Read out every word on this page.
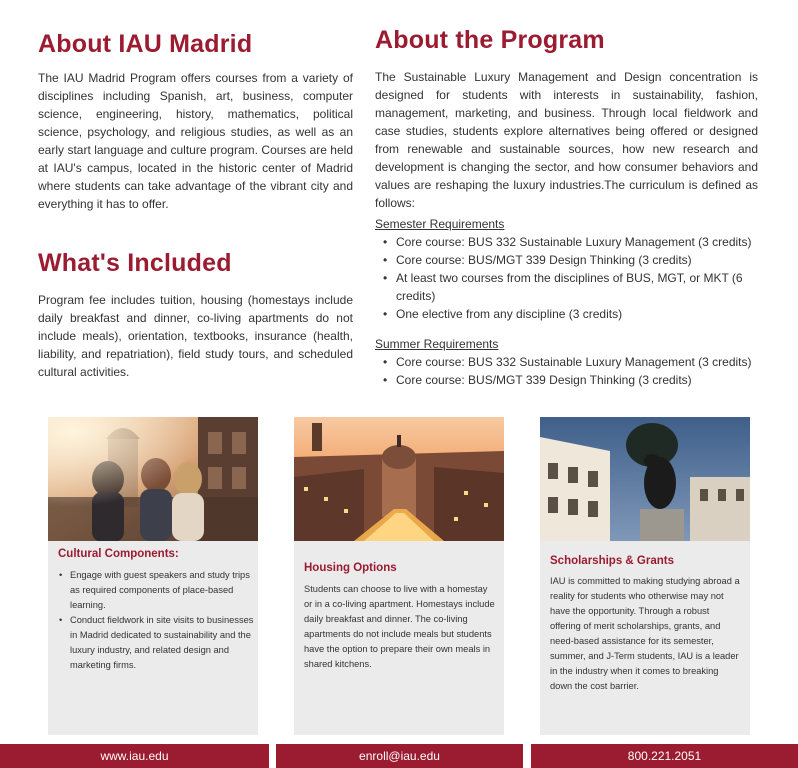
About IAU Madrid

The IAU Madrid Program offers courses from a variety of disciplines including Spanish, art, business, computer science, engineering, history, mathematics, political science, psychology, and religious studies, as well as an early start language and culture program. Courses are held at IAU's campus, located in the historic center of Madrid where students can take advantage of the vibrant city and everything it has to offer.

What's Included

Program fee includes tuition, housing (homestays include daily breakfast and dinner, co-living apartments do not include meals), orientation, textbooks, insurance (health, liability, and repatriation), field study tours, and scheduled cultural activities.

About the Program

The Sustainable Luxury Management and Design concentration is designed for students with interests in sustainability, fashion, management, marketing, and business. Through local fieldwork and case studies, students explore alternatives being offered or designed from renewable and sustainable sources, how new research and development is changing the sector, and how consumer behaviors and values are reshaping the luxury industries.The curriculum is defined as follows:

Semester Requirements
• Core course: BUS 332 Sustainable Luxury Management (3 credits)
• Core course: BUS/MGT 339 Design Thinking (3 credits)
• At least two courses from the disciplines of BUS, MGT, or MKT (6 credits)
• One elective from any discipline (3 credits)
Summer Requirements
• Core course: BUS 332 Sustainable Luxury Management (3 credits)
• Core course: BUS/MGT 339 Design Thinking (3 credits)
Cultural Components:
• Engage with guest speakers and study trips as required components of place-based learning.
• Conduct fieldwork in site visits to businesses in Madrid dedicated to sustainability and the luxury industry, and related design and marketing firms.
Housing Options

Students can choose to live with a homestay or in a co-living apartment. Homestays include daily breakfast and dinner. The co-living apartments do not include meals but students have the option to prepare their own meals in shared kitchens.

Scholarships & Grants

IAU is committed to making studying abroad a reality for students who otherwise may not have the opportunity. Through a robust offering of merit scholarships, grants, and need-based assistance for its semester, summer, and J-Term students, IAU is a leader in the industry when it comes to breaking down the cost barrier.

www.iau.edu	enroll@iau.edu	800.221.2051
